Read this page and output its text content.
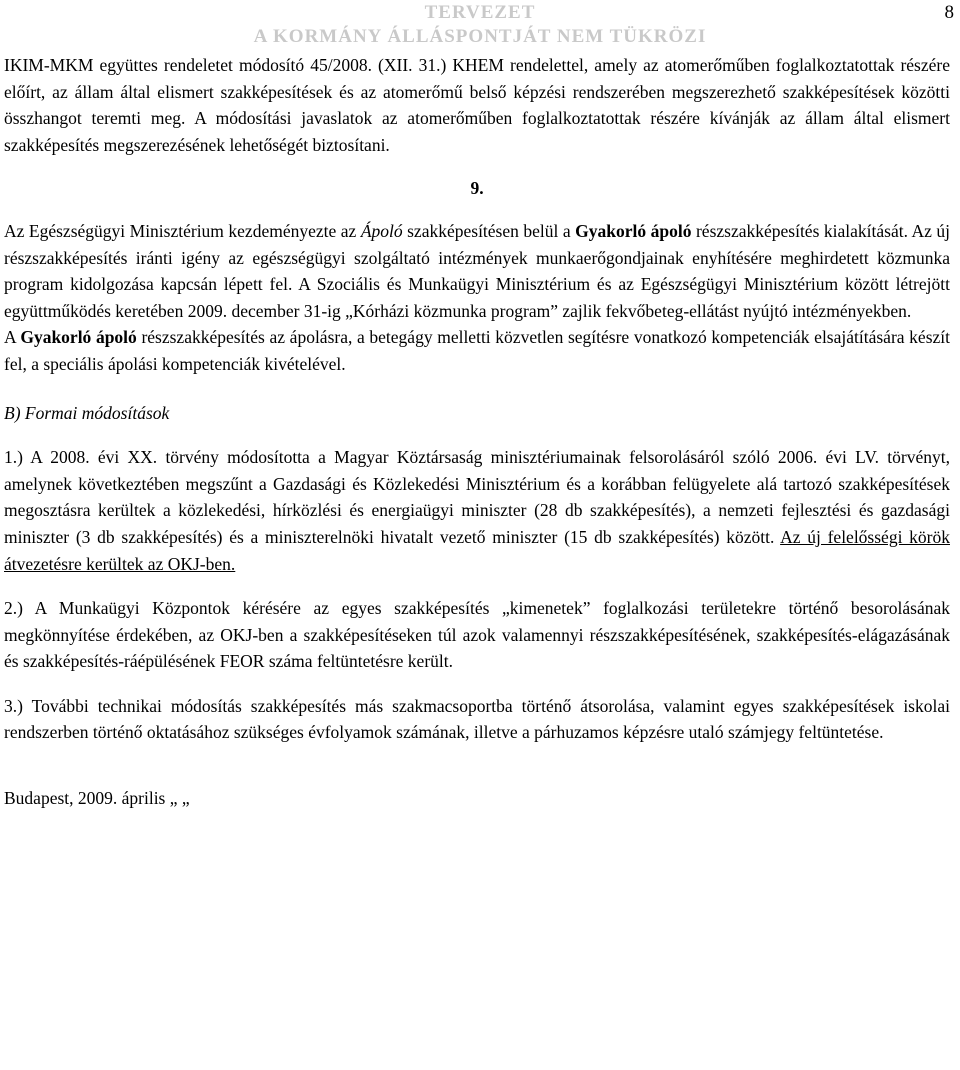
TERVEZET
A KORMÁNY ÁLLÁSPONTJÁT NEM TÜKRÖZI
8

IKIM-MKM együttes rendeletet módosító 45/2008. (XII. 31.) KHEM rendelettel, amely az atomerőműben foglalkoztatottak részére előírt, az állam által elismert szakképesítések és az atomerőmű belső képzési rendszerében megszerezhető szakképesítések közötti összhangot teremti meg. A módosítási javaslatok az atomerőműben foglalkoztatottak részére kívánják az állam által elismert szakképesítés megszerezésének lehetőségét biztosítani.

9.

Az Egészségügyi Minisztérium kezdeményezte az Ápoló szakképesítésen belül a Gyakorló ápoló részszakképesítés kialakítását. Az új részszakképesítés iránti igény az egészségügyi szolgáltató intézmények munkaerőgondjainak enyhítésére meghirdetett közmunka program kidolgozása kapcsán lépett fel. A Szociális és Munkaügyi Minisztérium és az Egészségügyi Minisztérium között létrejött együttműködés keretében 2009. december 31-ig „Kórházi közmunka program” zajlik fekvőbeteg-ellátást nyújtó intézményekben.

A Gyakorló ápoló részszakképesítés az ápolásra, a betegágy melletti közvetlen segítésre vonatkozó kompetenciák elsajátítására készít fel, a speciális ápolási kompetenciák kivételével.

B) Formai módosítások

1.) A 2008. évi XX. törvény módosította a Magyar Köztársaság minisztériumainak felsorolásáról szóló 2006. évi LV. törvényt, amelynek következtében megszűnt a Gazdasági és Közlekedési Minisztérium és a korábban felügyelete alá tartozó szakképesítések megosztásra kerültek a közlekedési, hírközlési és energiaügyi miniszter (28 db szakképesítés), a nemzeti fejlesztési és gazdasági miniszter (3 db szakképesítés) és a miniszterelnöki hivatalt vezető miniszter (15 db szakképesítés) között. Az új felelősségi körök átvezetésre kerültek az OKJ-ben.

2.) A Munkaügyi Központok kérésére az egyes szakképesítés „kimenetek” foglalkozási területekre történő besorolásának megkönnyítése érdekében, az OKJ-ben a szakképesítéseken túl azok valamennyi részszakképesítésének, szakképesítés-elágazásának és szakképesítés-ráépülésének FEOR száma feltüntetésre került.

3.) További technikai módosítás szakképesítés más szakmacsoportba történő átsorolása, valamint egyes szakképesítések iskolai rendszerben történő oktatásához szükséges évfolyamok számának, illetve a párhuzamos képzésre utaló számjegy feltüntetése.

Budapest, 2009. április „ „
